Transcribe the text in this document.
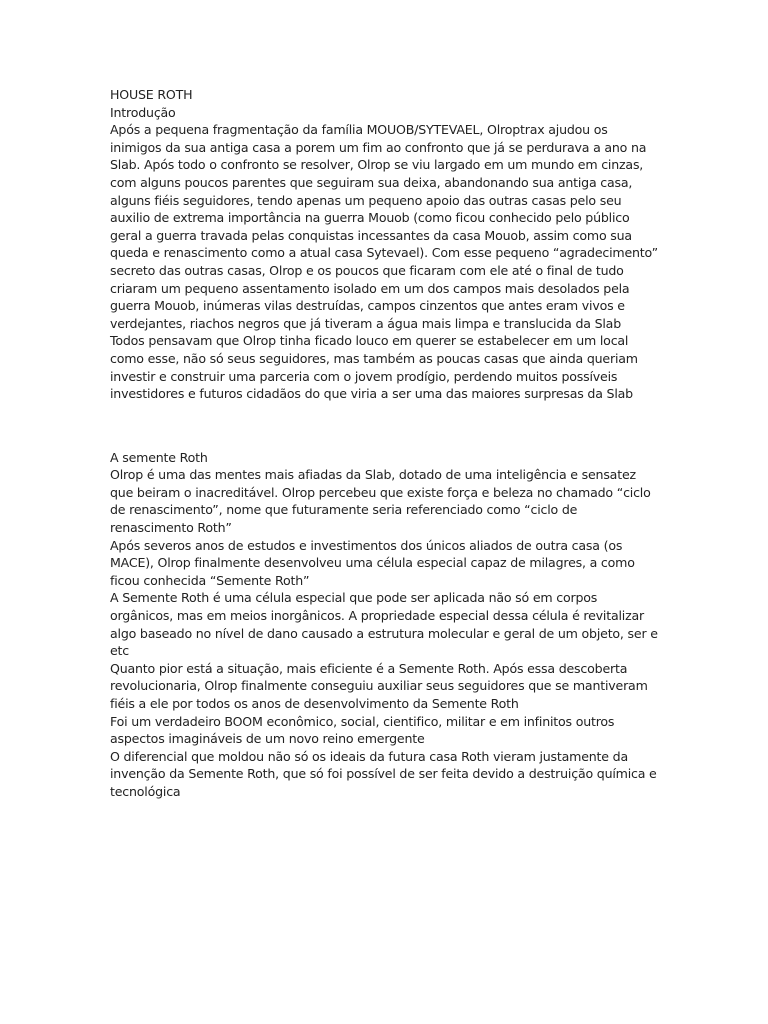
HOUSE ROTH

Introdução

Após a pequena fragmentação da família MOUOB/SYTEVAEL, Olroptrax ajudou os inimigos da sua antiga casa a porem um fim ao confronto que já se perdurava a ano na Slab. Após todo o confronto se resolver, Olrop se viu largado em um mundo em cinzas, com alguns poucos parentes que seguiram sua deixa, abandonando sua antiga casa, alguns fiéis seguidores, tendo apenas um pequeno apoio das outras casas pelo seu auxilio de extrema importância na guerra Mouob (como ficou conhecido pelo público geral a guerra travada pelas conquistas incessantes da casa Mouob, assim como sua queda e renascimento como a atual casa Sytevael). Com esse pequeno “agradecimento” secreto das outras casas, Olrop e os poucos que ficaram com ele até o final de tudo criaram um pequeno assentamento isolado em um dos campos mais desolados pela guerra Mouob, inúmeras vilas destruídas, campos cinzentos que antes eram vivos e verdejantes, riachos negros que já tiveram a água mais limpa e translucida da Slab

Todos pensavam que Olrop tinha ficado louco em querer se estabelecer em um local como esse, não só seus seguidores, mas também as poucas casas que ainda queriam investir e construir uma parceria com o jovem prodígio, perdendo muitos possíveis investidores e futuros cidadãos do que viria a ser uma das maiores surpresas da Slab

A semente Roth

Olrop é uma das mentes mais afiadas da Slab, dotado de uma inteligência e sensatez que beiram o inacreditável. Olrop percebeu que existe força e beleza no chamado “ciclo de renascimento”, nome que futuramente seria referenciado como “ciclo de renascimento Roth”

Após severos anos de estudos e investimentos dos únicos aliados de outra casa (os MACE), Olrop finalmente desenvolveu uma célula especial capaz de milagres, a como ficou conhecida “Semente Roth”

A Semente Roth é uma célula especial que pode ser aplicada não só em corpos orgânicos, mas em meios inorgânicos. A propriedade especial dessa célula é revitalizar algo baseado no nível de dano causado a estrutura molecular e geral de um objeto, ser e etc

Quanto pior está a situação, mais eficiente é a Semente Roth. Após essa descoberta revolucionaria, Olrop finalmente conseguiu auxiliar seus seguidores que se mantiveram fiéis a ele por todos os anos de desenvolvimento da Semente Roth

Foi um verdadeiro BOOM econômico, social, cientifico, militar e em infinitos outros aspectos imagináveis de um novo reino emergente

O diferencial que moldou não só os ideais da futura casa Roth vieram justamente da invenção da Semente Roth, que só foi possível de ser feita devido a destruição química e tecnológica
